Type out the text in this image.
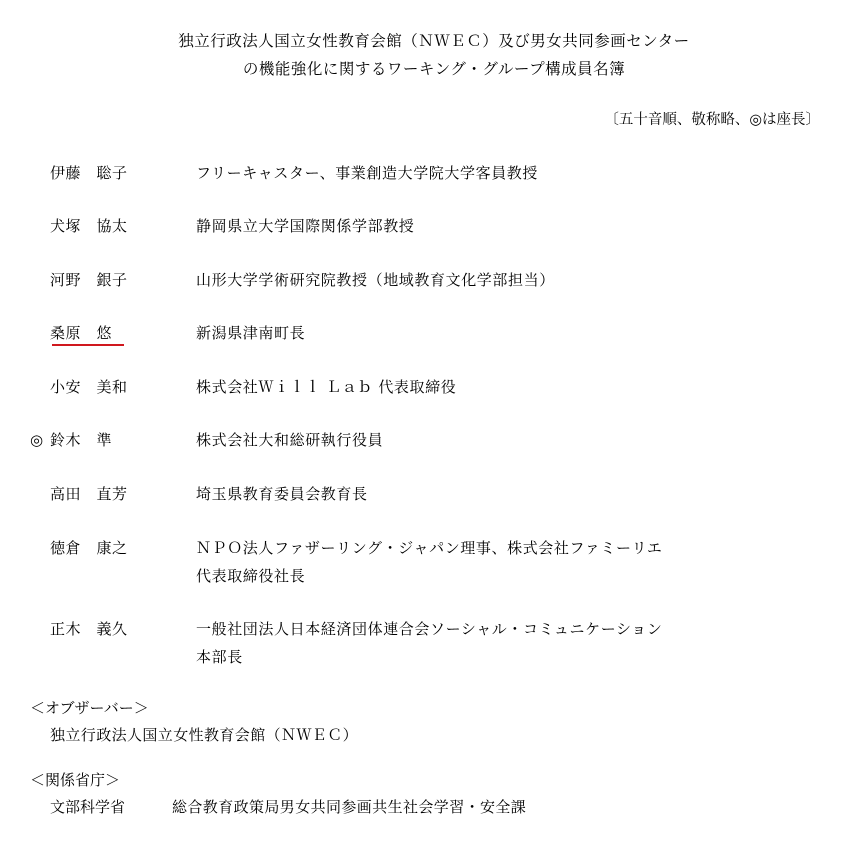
独立行政法人国立女性教育会館（ＮＷＥＣ）及び男女共同参画センター
の機能強化に関するワーキング・グループ構成員名簿
〔五十音順、敬称略、◎は座長〕
伊藤　聡子	フリーキャスター、事業創造大学院大学客員教授
犬塚　協太	静岡県立大学国際関係学部教授
河野　銀子	山形大学学術研究院教授（地域教育文化学部担当）
桑原　悠	新潟県津南町長
小安　美和	株式会社Ｗｉｌｌ Ｌａｂ 代表取締役
◎ 鈴木　準	株式会社大和総研執行役員
高田　直芳	埼玉県教育委員会教育長
徳倉　康之	ＮＰＯ法人ファザーリング・ジャパン理事、株式会社ファミーリエ
代表取締役社長
正木　義久	一般社団法人日本経済団体連合会ソーシャル・コミュニケーション
本部長
＜オブザーバー＞
独立行政法人国立女性教育会館（ＮＷＥＣ）
＜関係省庁＞
文部科学省	総合教育政策局男女共同参画共生社会学習・安全課
